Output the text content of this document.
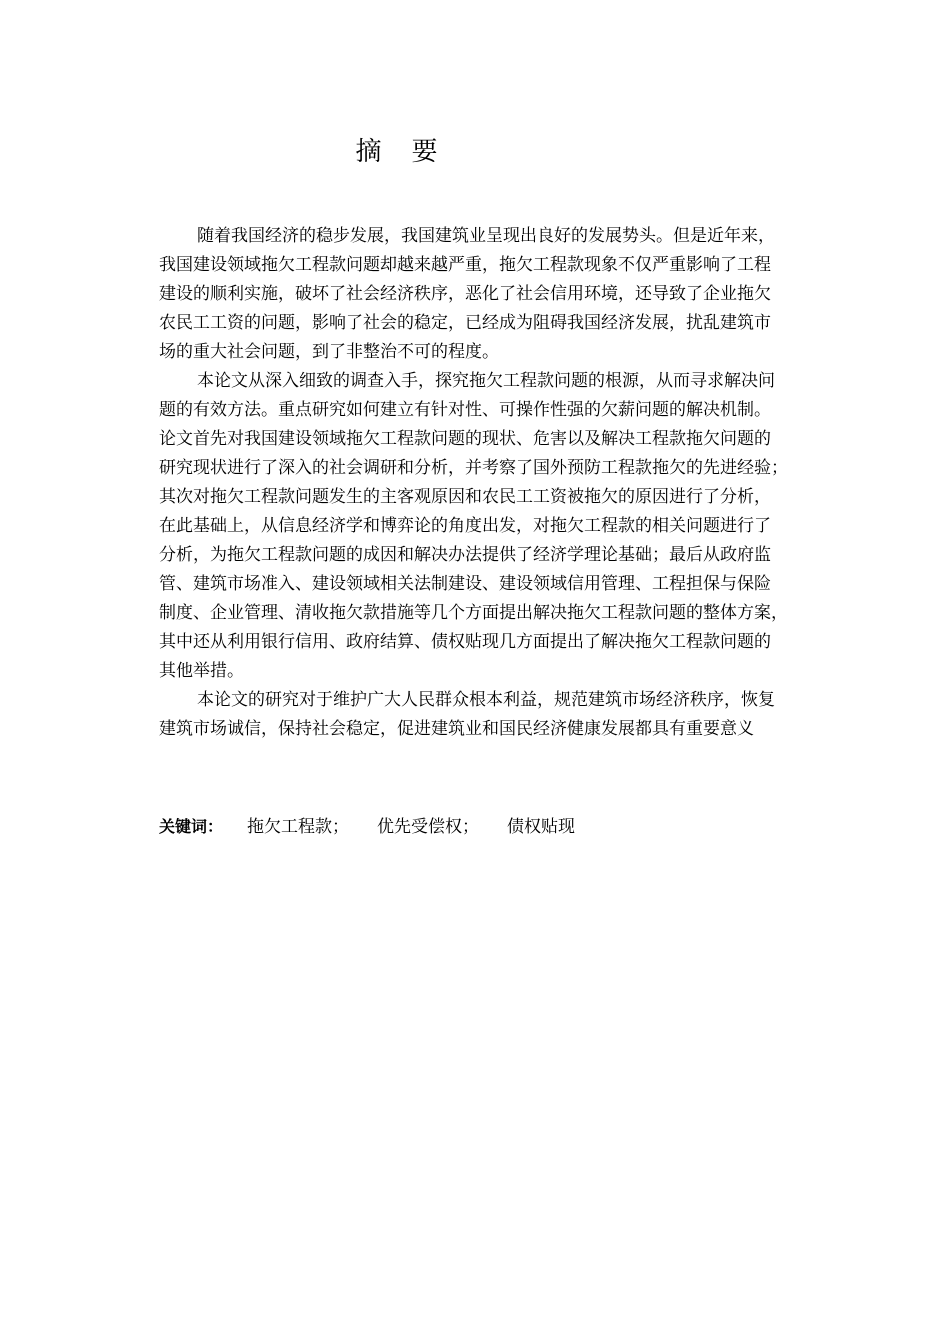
摘　要
随着我国经济的稳步发展，我国建筑业呈现出良好的发展势头。但是近年来，
我国建设领域拖欠工程款问题却越来越严重，拖欠工程款现象不仅严重影响了工程
建设的顺利实施，破坏了社会经济秩序，恶化了社会信用环境，还导致了企业拖欠
农民工工资的问题，影响了社会的稳定，已经成为阻碍我国经济发展，扰乱建筑市
场的重大社会问题，到了非整治不可的程度。
本论文从深入细致的调查入手，探究拖欠工程款问题的根源，从而寻求解决问
题的有效方法。重点研究如何建立有针对性、可操作性强的欠薪问题的解决机制。
论文首先对我国建设领域拖欠工程款问题的现状、危害以及解决工程款拖欠问题的
研究现状进行了深入的社会调研和分析，并考察了国外预防工程款拖欠的先进经验；
其次对拖欠工程款问题发生的主客观原因和农民工工资被拖欠的原因进行了分析，
在此基础上，从信息经济学和博弈论的角度出发，对拖欠工程款的相关问题进行了
分析，为拖欠工程款问题的成因和解决办法提供了经济学理论基础；最后从政府监
管、建筑市场准入、建设领域相关法制建设、建设领域信用管理、工程担保与保险
制度、企业管理、清收拖欠款措施等几个方面提出解决拖欠工程款问题的整体方案，
其中还从利用银行信用、政府结算、债权贴现几方面提出了解决拖欠工程款问题的
其他举措。
本论文的研究对于维护广大人民群众根本利益，规范建筑市场经济秩序，恢复
建筑市场诚信，保持社会稳定，促进建筑业和国民经济健康发展都具有重要意义
关键词： 拖欠工程款； 优先受偿权； 债权贴现
